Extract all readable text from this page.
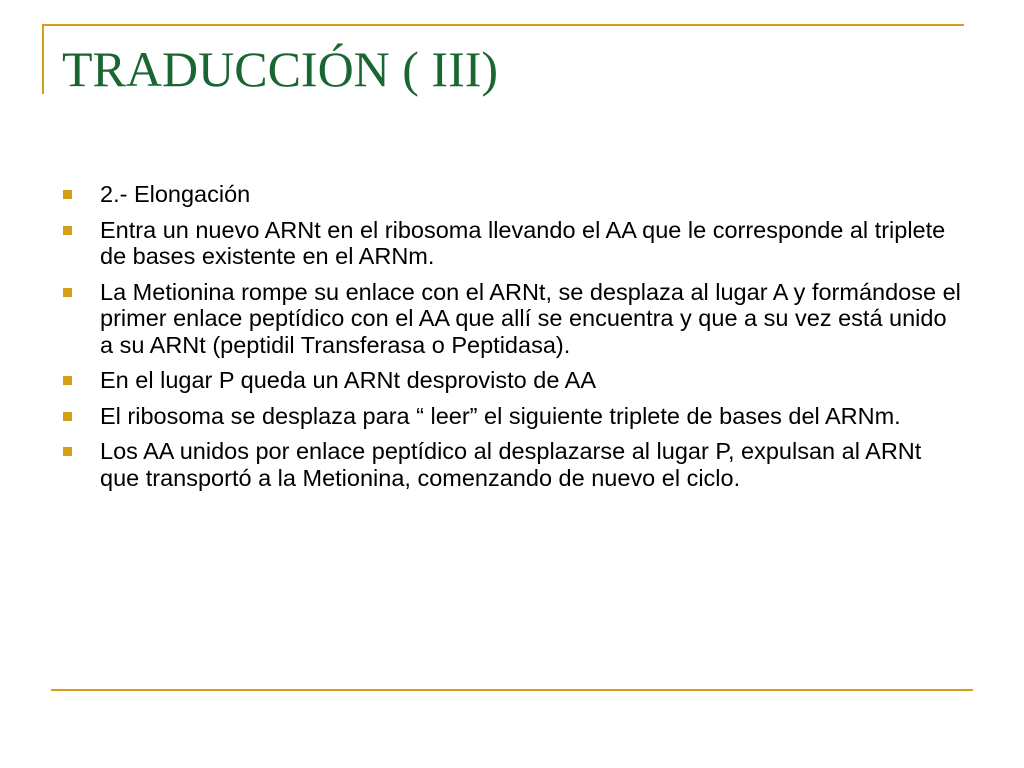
TRADUCCIÓN ( III)
2.- Elongación
Entra un nuevo ARNt en el ribosoma llevando el AA que le corresponde al triplete de bases existente en el ARNm.
La Metionina rompe su enlace con el ARNt, se desplaza al lugar A y formándose el primer enlace peptídico con el AA que allí se encuentra y que a su vez está unido a su ARNt (peptidil Transferasa o Peptidasa).
En el lugar P queda un ARNt desprovisto de AA
El ribosoma se desplaza para “ leer” el siguiente triplete de bases del ARNm.
Los AA unidos por enlace peptídico al desplazarse al lugar P, expulsan al ARNt que transportó a la Metionina, comenzando de nuevo el ciclo.
